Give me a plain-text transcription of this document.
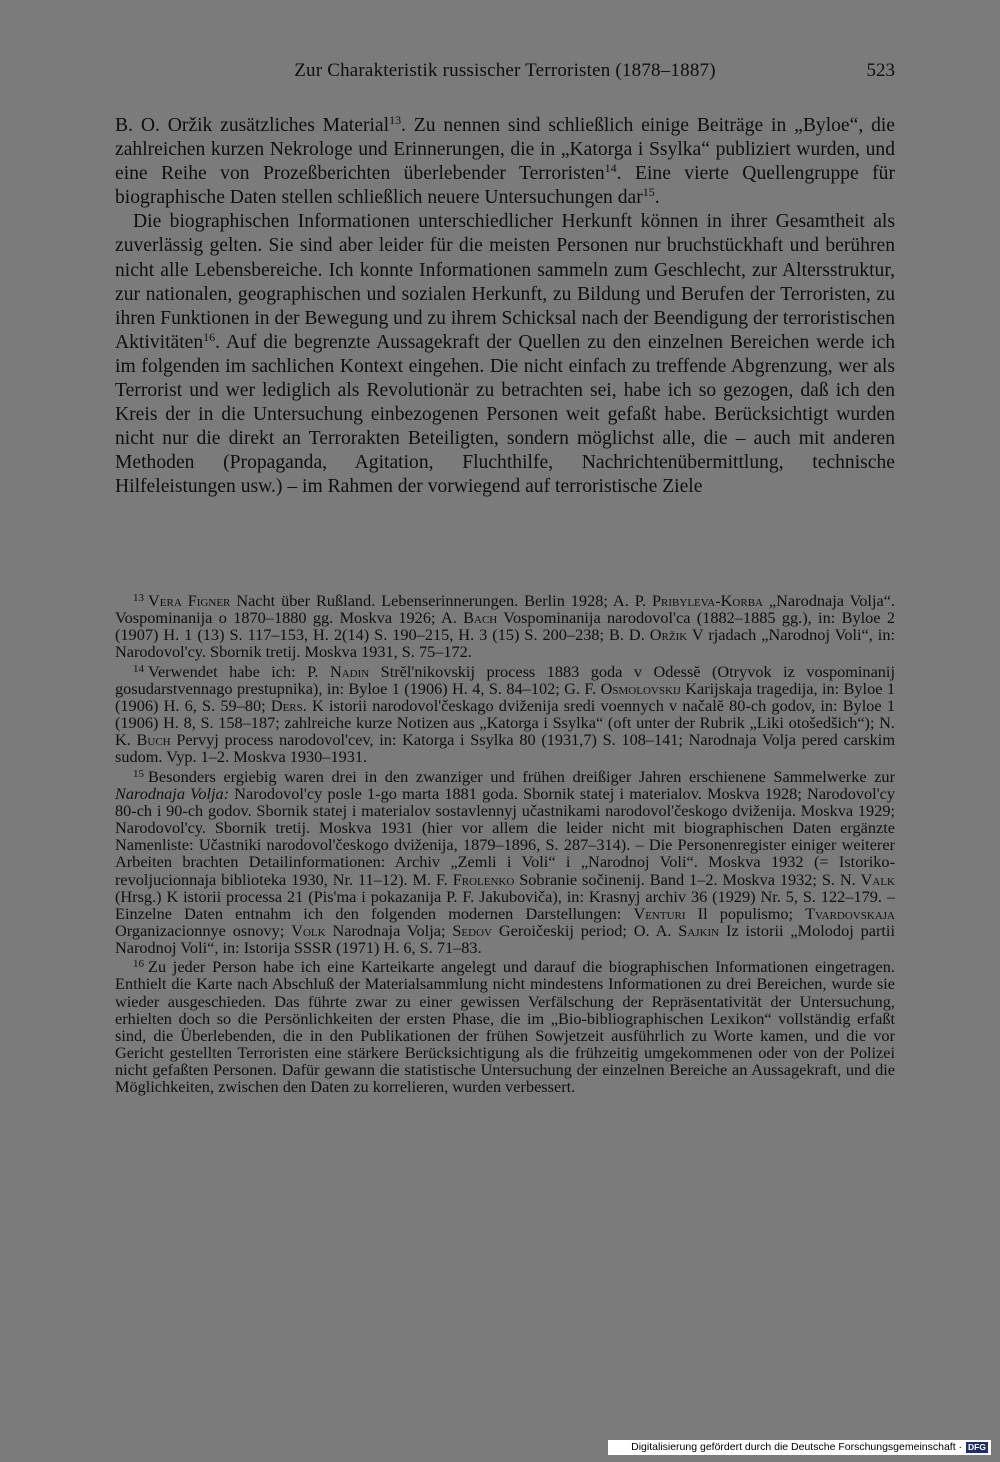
Zur Charakteristik russischer Terroristen (1878–1887)	523

B. O. Oržik zusätzliches Material$^{13}$. Zu nennen sind schließlich einige Beiträge in „Byloe“, die zahlreichen kurzen Nekrologe und Erinnerungen, die in „Katorga i Ssylka“ publiziert wurden, und eine Reihe von Prozeßberichten überlebender Terroristen$^{14}$. Eine vierte Quellengruppe für biographische Daten stellen schließlich neuere Untersuchungen dar$^{15}$.

Die biographischen Informationen unterschiedlicher Herkunft können in ihrer Gesamtheit als zuverlässig gelten. Sie sind aber leider für die meisten Personen nur bruchstückhaft und berühren nicht alle Lebensbereiche. Ich konnte Informationen sammeln zum Geschlecht, zur Altersstruktur, zur nationalen, geographischen und sozialen Herkunft, zu Bildung und Berufen der Terroristen, zu ihren Funktionen in der Bewegung und zu ihrem Schicksal nach der Beendigung der terroristischen Aktivitäten$^{16}$. Auf die begrenzte Aussagekraft der Quellen zu den einzelnen Bereichen werde ich im folgenden im sachlichen Kontext eingehen. Die nicht einfach zu treffende Abgrenzung, wer als Terrorist und wer lediglich als Revolutionär zu betrachten sei, habe ich so gezogen, daß ich den Kreis der in die Untersuchung einbezogenen Personen weit gefaßt habe. Berücksichtigt wurden nicht nur die direkt an Terrorakten Beteiligten, sondern möglichst alle, die – auch mit anderen Methoden (Propaganda, Agitation, Fluchthilfe, Nachrichtenübermittlung, technische Hilfeleistungen usw.) – im Rahmen der vorwiegend auf terroristische Ziele

$^{13}$ Vera Figner Nacht über Rußland. Lebenserinnerungen. Berlin 1928; A. P. Pribyleva-Korba „Narodnaja Volja“. Vospominanija o 1870–1880 gg. Moskva 1926; A. Bach Vospominanija narodovol'ca (1882–1885 gg.), in: Byloe 2 (1907) H. 1 (13) S. 117–153, H. 2(14) S. 190–215, H. 3 (15) S. 200–238; B. D. Oržik V rjadach „Narodnoj Voli“, in: Narodovol'cy. Sbornik tretij. Moskva 1931, S. 75–172.

$^{14}$ Verwendet habe ich: P. Nadin Strĕl'nikovskij process 1883 goda v Odessĕ (Otryvok iz vospominanij gosudarstvennago prestupnika), in: Byloe 1 (1906) H. 4, S. 84–102; G. F. Osmolovskij Karijskaja tragedija, in: Byloe 1 (1906) H. 6, S. 59–80; Ders. K istorii narodovol'českago dviženija sredi voennych v načalĕ 80-ch godov, in: Byloe 1 (1906) H. 8, S. 158–187; zahlreiche kurze Notizen aus „Katorga i Ssylka“ (oft unter der Rubrik „Liki otošedšich“); N. K. Buch Pervyj process narodovol'cev, in: Katorga i Ssylka 80 (1931,7) S. 108–141; Narodnaja Volja pered carskim sudom. Vyp. 1–2. Moskva 1930–1931.

$^{15}$ Besonders ergiebig waren drei in den zwanziger und frühen dreißiger Jahren erschienene Sammelwerke zur Narodnaja Volja: Narodovol'cy posle 1-go marta 1881 goda. Sbornik statej i materialov. Moskva 1928; Narodovol'cy 80-ch i 90-ch godov. Sbornik statej i materialov sostavlennyj učastnikami narodovol'českogo dviženija. Moskva 1929; Narodovol'cy. Sbornik tretij. Moskva 1931 (hier vor allem die leider nicht mit biographischen Daten ergänzte Namenliste: Učastniki narodovol'českogo dviženija, 1879–1896, S. 287–314). – Die Personenregister einiger weiterer Arbeiten brachten Detailinformationen: Archiv „Zemli i Voli“ i „Narodnoj Voli“. Moskva 1932 (= Istoriko-revoljucionnaja biblioteka 1930, Nr. 11–12). M. F. Frolenko Sobranie sočinenij. Band 1–2. Moskva 1932; S. N. Valk (Hrsg.) K istorii processa 21 (Pis'ma i pokazanija P. F. Jakuboviča), in: Krasnyj archiv 36 (1929) Nr. 5, S. 122–179. – Einzelne Daten entnahm ich den folgenden modernen Darstellungen: Venturi Il populismo; Tvardovskaja Organizacionnye osnovy; Volk Narodnaja Volja; Sedov Geroičeskij period; O. A. Sajkin Iz istorii „Molodoj partii Narodnoj Voli“, in: Istorija SSSR (1971) H. 6, S. 71–83.

$^{16}$ Zu jeder Person habe ich eine Karteikarte angelegt und darauf die biographischen Informationen eingetragen. Enthielt die Karte nach Abschluß der Materialsammlung nicht mindestens Informationen zu drei Bereichen, wurde sie wieder ausgeschieden. Das führte zwar zu einer gewissen Verfälschung der Repräsentativität der Untersuchung, erhielten doch so die Persönlichkeiten der ersten Phase, die im „Bio-bibliographischen Lexikon“ vollständig erfaßt sind, die Überlebenden, die in den Publikationen der frühen Sowjetzeit ausführlich zu Worte kamen, und die vor Gericht gestellten Terroristen eine stärkere Berücksichtigung als die frühzeitig umgekommenen oder von der Polizei nicht gefaßten Personen. Dafür gewann die statistische Untersuchung der einzelnen Bereiche an Aussagekraft, und die Möglichkeiten, zwischen den Daten zu korrelieren, wurden verbessert.

Digitalisierung gefördert durch die Deutsche Forschungsgemeinschaft · DFG
